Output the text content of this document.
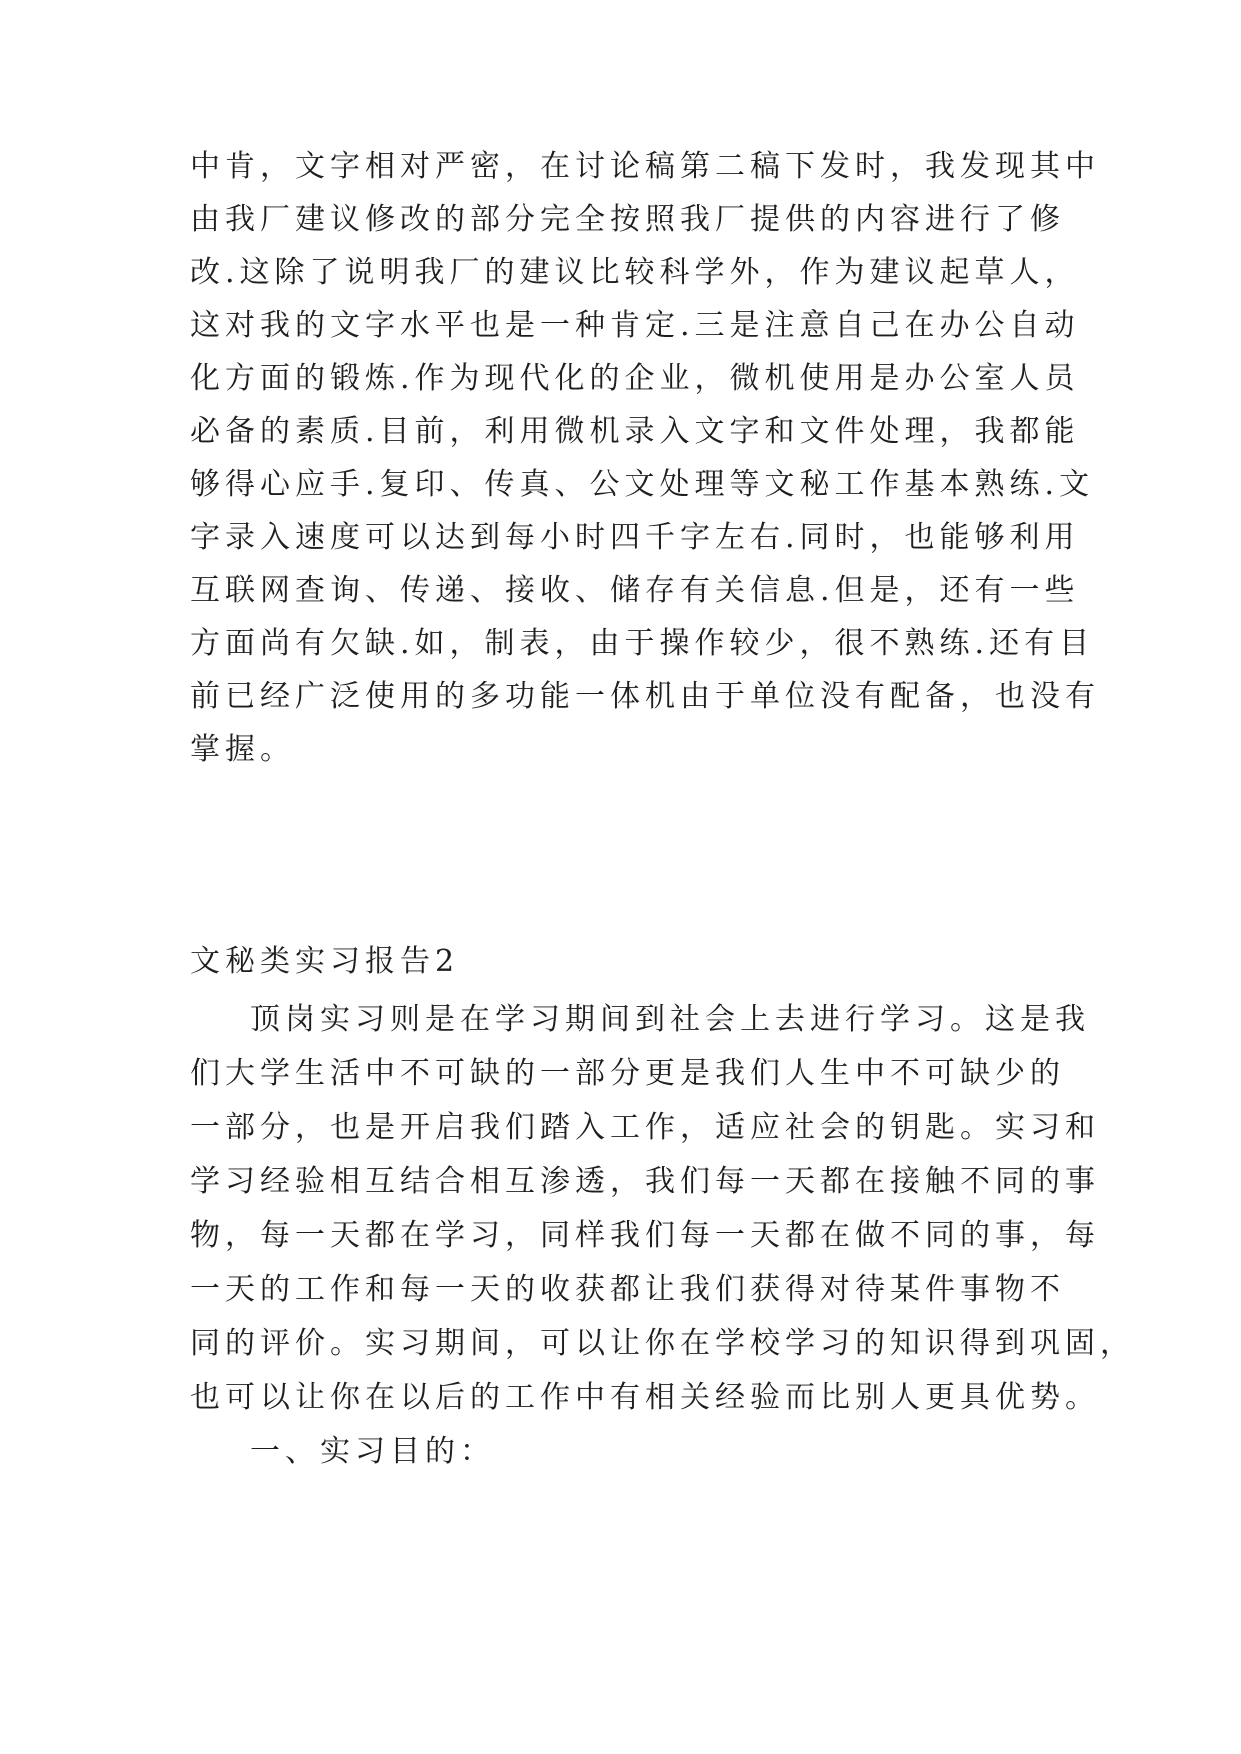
中肯，文字相对严密，在讨论稿第二稿下发时，我发现其中
由我厂建议修改的部分完全按照我厂提供的内容进行了修
改.这除了说明我厂的建议比较科学外，作为建议起草人，
这对我的文字水平也是一种肯定.三是注意自己在办公自动
化方面的锻炼.作为现代化的企业，微机使用是办公室人员
必备的素质.目前，利用微机录入文字和文件处理，我都能
够得心应手.复印、传真、公文处理等文秘工作基本熟练.文
字录入速度可以达到每小时四千字左右.同时，也能够利用
互联网查询、传递、接收、储存有关信息.但是，还有一些
方面尚有欠缺.如，制表，由于操作较少，很不熟练.还有目
前已经广泛使用的多功能一体机由于单位没有配备，也没有
掌握。
文秘类实习报告2
顶岗实习则是在学习期间到社会上去进行学习。这是我
们大学生活中不可缺的一部分更是我们人生中不可缺少的
一部分，也是开启我们踏入工作，适应社会的钥匙。实习和
学习经验相互结合相互渗透，我们每一天都在接触不同的事
物，每一天都在学习，同样我们每一天都在做不同的事，每
一天的工作和每一天的收获都让我们获得对待某件事物不
同的评价。实习期间，可以让你在学校学习的知识得到巩固，
也可以让你在以后的工作中有相关经验而比别人更具优势。
一、实习目的：
